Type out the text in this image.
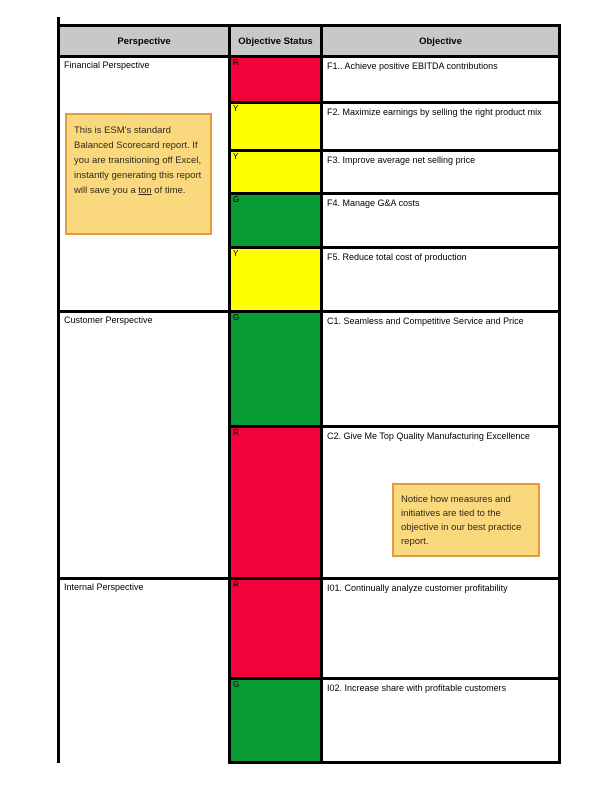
Perspective	Objective Status	Objective
Financial Perspective	R	F1.. Achieve positive EBITDA contributions
	Y	F2. Maximize earnings by selling the right product mix
	Y	F3. Improve average net selling price
	G	F4. Manage G&A costs
	Y	F5. Reduce total cost of production
Customer Perspective	G	C1. Seamless and Competitive Service and Price
	R	C2. Give Me Top Quality Manufacturing Excellence
Internal Perspective	R	I01. Continually analyze customer profitability
	G	I02. Increase share with profitable customers
This is ESM's standard Balanced Scorecard report. If you are transitioning off Excel, instantly generating this report will save you a ton of time.
Notice how measures and initiatives are tied to the objective in our best practice report.
